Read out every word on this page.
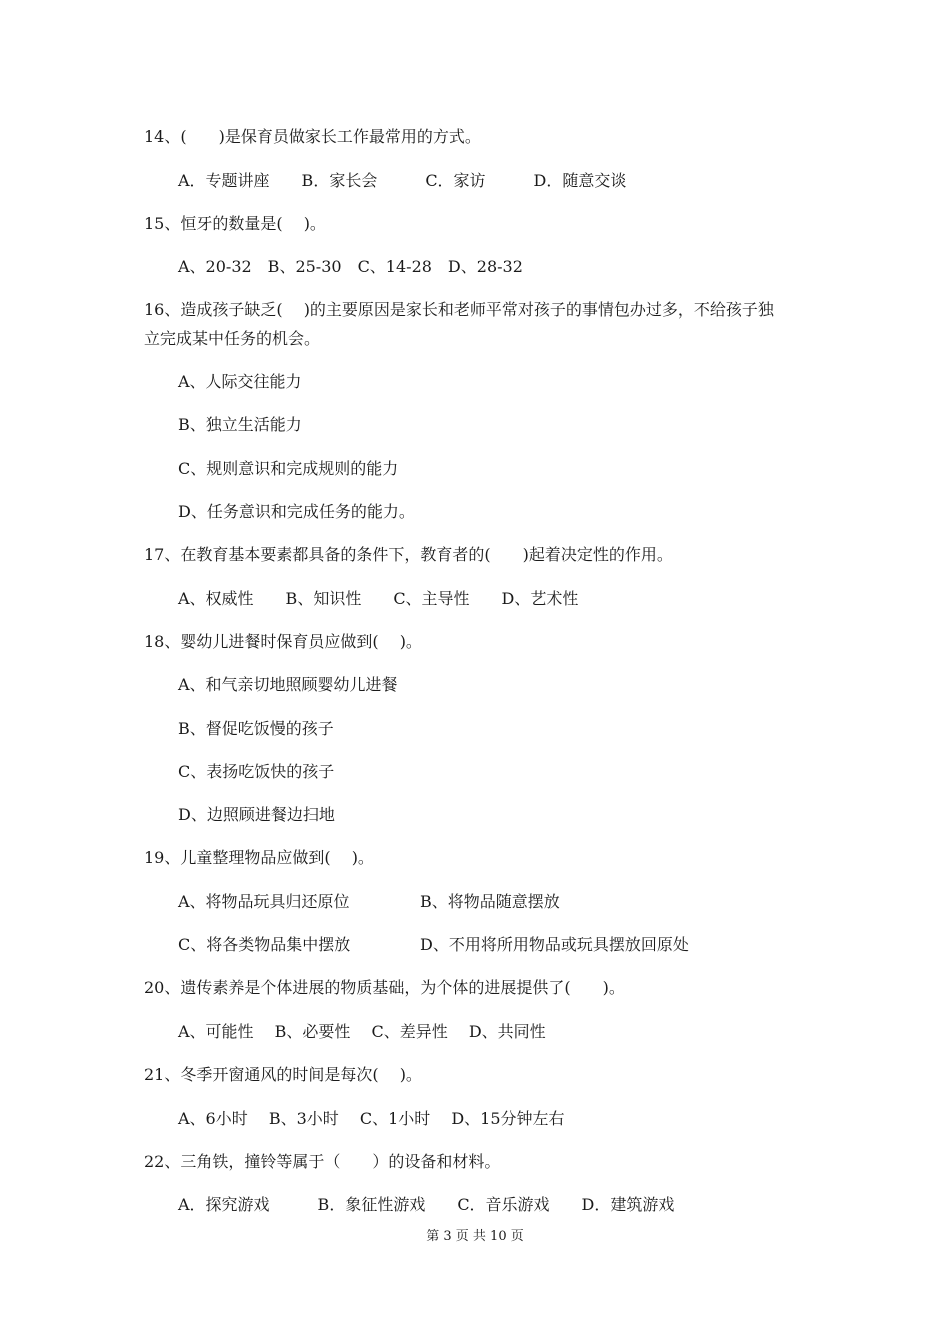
14、(　　)是保育员做家长工作最常用的方式。
A．专题讲座　　B．家长会　　　C．家访　　　D．随意交谈
15、恒牙的数量是(　 )。
A、20-32　B、25-30　C、14-28　D、28-32
16、造成孩子缺乏(　 )的主要原因是家长和老师平常对孩子的事情包办过多，不给孩子独
立完成某中任务的机会。
A、人际交往能力
B、独立生活能力
C、规则意识和完成规则的能力
D、任务意识和完成任务的能力。
17、在教育基本要素都具备的条件下，教育者的(　　)起着决定性的作用。
A、权威性　　B、知识性　　C、主导性　　D、艺术性
18、婴幼儿进餐时保育员应做到(　 )。
A、和气亲切地照顾婴幼儿进餐
B、督促吃饭慢的孩子
C、表扬吃饭快的孩子
D、边照顾进餐边扫地
19、儿童整理物品应做到(　 )。
A、将物品玩具归还原位	B、将物品随意摆放
C、将各类物品集中摆放	D、不用将所用物品或玩具摆放回原处
20、遗传素养是个体进展的物质基础，为个体的进展提供了(　　)。
A、可能性　 B、必要性　 C、差异性　 D、共同性
21、冬季开窗通风的时间是每次(　 )。
A、6小时　 B、3小时　 C、1小时　 D、15分钟左右
22、三角铁，撞铃等属于（　　）的设备和材料。
A．探究游戏　　　B．象征性游戏　　C．音乐游戏　　D．建筑游戏
第 3 页 共 10 页
